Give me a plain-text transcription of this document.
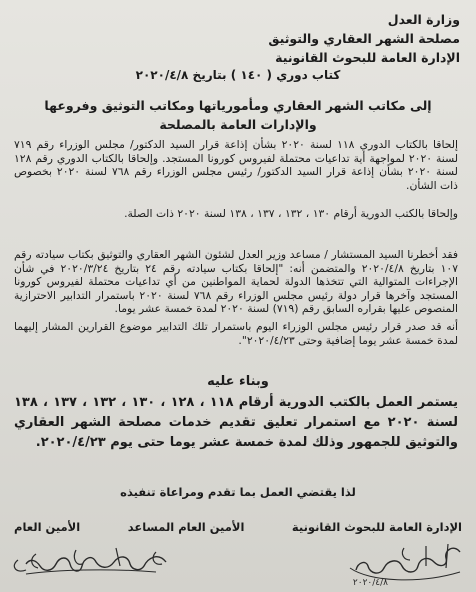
وزارة العدل
مصلحة الشهر العقاري والتوثيق
الإدارة العامة للبحوث القانونية
كتاب دوري ( ١٤٠ ) بتاريخ ٢٠٢٠/٤/٨
إلى مكاتب الشهر العقاري ومأمورياتها ومكاتب التوثيق وفروعها
والإدارات العامة بالمصلحة
إلحاقا بالكتاب الدوري ١١٨ لسنة ٢٠٢٠ بشأن إذاعة قرار السيد الدكتور/ مجلس الوزراء رقم ٧١٩ لسنة ٢٠٢٠ لمواجهة أية تداعيات محتملة لفيروس كورونا المستجد. وإلحاقا بالكتاب الدوري رقم ١٢٨ لسنة ٢٠٢٠ بشأن إذاعة قرار السيد الدكتور/ رئيس مجلس الوزراء رقم ٧٦٨ لسنة ٢٠٢٠ بخصوص ذات الشأن.
وإلحاقا بالكتب الدورية أرقام ١٣٠ ، ١٣٢ ، ١٣٧ ، ١٣٨ لسنة ٢٠٢٠ ذات الصلة.
فقد أخطرنا السيد المستشار / مساعد وزير العدل لشئون الشهر العقاري والتوثيق بكتاب سيادته رقم ١٠٧ بتاريخ ٢٠٢٠/٤/٨ والمتضمن أنه: "إلحاقا بكتاب سيادته رقم ٢٤ بتاريخ ٢٠٢٠/٣/٢٤ في شأن الإجراءات المتوالية التي تتخذها الدولة لحماية المواطنين من أي تداعيات محتملة لفيروس كورونا المستجد وآخرها قرار دولة رئيس مجلس الوزراء رقم ٧٦٨ لسنة ٢٠٢٠ باستمرار التدابير الاحترازية المنصوص عليها بقراره السابق رقم (٧١٩) لسنة ٢٠٢٠ لمدة خمسة عشر يوما.
أنه قد صدر قرار رئيس مجلس الوزراء اليوم باستمرار تلك التدابير موضوع القرارين المشار إليهما لمدة خمسة عشر يوما إضافية وحتى ٢٠٢٠/٤/٢٣".
وبناء عليه
يستمر العمل بالكتب الدورية أرقام ١١٨ ، ١٢٨ ، ١٣٠ ، ١٣٢ ، ١٣٧ ، ١٣٨ لسنة ٢٠٢٠ مع استمرار تعليق تقديم خدمات مصلحة الشهر العقاري والتوثيق للجمهور وذلك لمدة خمسة عشر يوما حتى يوم ٢٠٢٠/٤/٢٣.
لذا يقتضي العمل بما تقدم ومراعاة تنفيذه
الإدارة العامة للبحوث القانونية
الأمين العام المساعد
الأمين العام
٢٠٢٠/٤/٨
